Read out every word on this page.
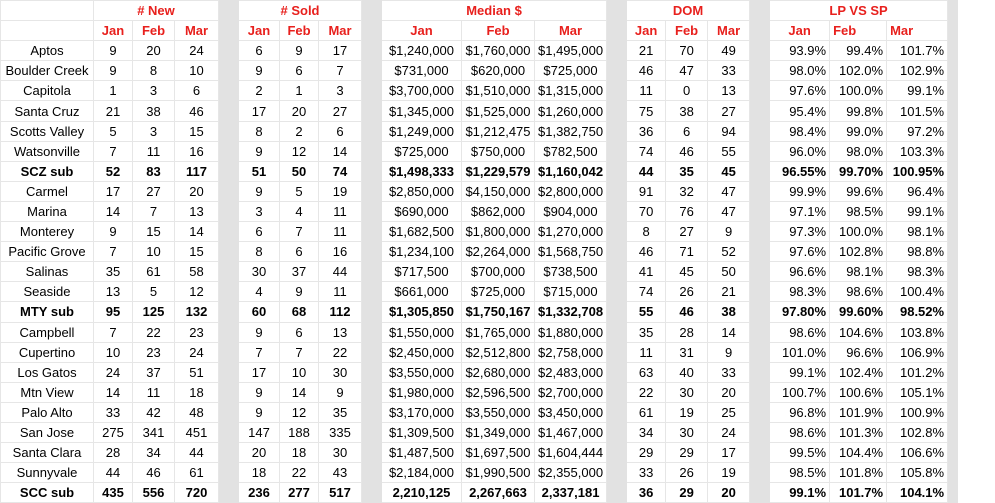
	# New				# Sold				Median $				DOM				LP VS SP			
	Jan	Feb	Mar		Jan	Feb	Mar		Jan	Feb	Mar		Jan	Feb	Mar		Jan	Feb	Mar	
Aptos	9	20	24		6	9	17		$1,240,000	$1,760,000	$1,495,000		21	70	49		93.9%	99.4%	101.7%	
Boulder Creek	9	8	10		9	6	7		$731,000	$620,000	$725,000		46	47	33		98.0%	102.0%	102.9%	
Capitola	1	3	6		2	1	3		$3,700,000	$1,510,000	$1,315,000		11	0	13		97.6%	100.0%	99.1%	
Santa Cruz	21	38	46		17	20	27		$1,345,000	$1,525,000	$1,260,000		75	38	27		95.4%	99.8%	101.5%	
Scotts Valley	5	3	15		8	2	6		$1,249,000	$1,212,475	$1,382,750		36	6	94		98.4%	99.0%	97.2%	
Watsonville	7	11	16		9	12	14		$725,000	$750,000	$782,500		74	46	55		96.0%	98.0%	103.3%	
SCZ sub	52	83	117		51	50	74		$1,498,333	$1,229,579	$1,160,042		44	35	45		96.55%	99.70%	100.95%	
Carmel	17	27	20		9	5	19		$2,850,000	$4,150,000	$2,800,000		91	32	47		99.9%	99.6%	96.4%	
Marina	14	7	13		3	4	11		$690,000	$862,000	$904,000		70	76	47		97.1%	98.5%	99.1%	
Monterey	9	15	14		6	7	11		$1,682,500	$1,800,000	$1,270,000		8	27	9		97.3%	100.0%	98.1%	
Pacific Grove	7	10	15		8	6	16		$1,234,100	$2,264,000	$1,568,750		46	71	52		97.6%	102.8%	98.8%	
Salinas	35	61	58		30	37	44		$717,500	$700,000	$738,500		41	45	50		96.6%	98.1%	98.3%	
Seaside	13	5	12		4	9	11		$661,000	$725,000	$715,000		74	26	21		98.3%	98.6%	100.4%	
MTY sub	95	125	132		60	68	112		$1,305,850	$1,750,167	$1,332,708		55	46	38		97.80%	99.60%	98.52%	
Campbell	7	22	23		9	6	13		$1,550,000	$1,765,000	$1,880,000		35	28	14		98.6%	104.6%	103.8%	
Cupertino	10	23	24		7	7	22		$2,450,000	$2,512,800	$2,758,000		11	31	9		101.0%	96.6%	106.9%	
Los Gatos	24	37	51		17	10	30		$3,550,000	$2,680,000	$2,483,000		63	40	33		99.1%	102.4%	101.2%	
Mtn View	14	11	18		9	14	9		$1,980,000	$2,596,500	$2,700,000		22	30	20		100.7%	100.6%	105.1%	
Palo Alto	33	42	48		9	12	35		$3,170,000	$3,550,000	$3,450,000		61	19	25		96.8%	101.9%	100.9%	
San Jose	275	341	451		147	188	335		$1,309,500	$1,349,000	$1,467,000		34	30	24		98.6%	101.3%	102.8%	
Santa Clara	28	34	44		20	18	30		$1,487,500	$1,697,500	$1,604,444		29	29	17		99.5%	104.4%	106.6%	
Sunnyvale	44	46	61		18	22	43		$2,184,000	$1,990,500	$2,355,000		33	26	19		98.5%	101.8%	105.8%	
SCC sub	435	556	720		236	277	517		2,210,125	2,267,663	2,337,181		36	29	20		99.1%	101.7%	104.1%	
